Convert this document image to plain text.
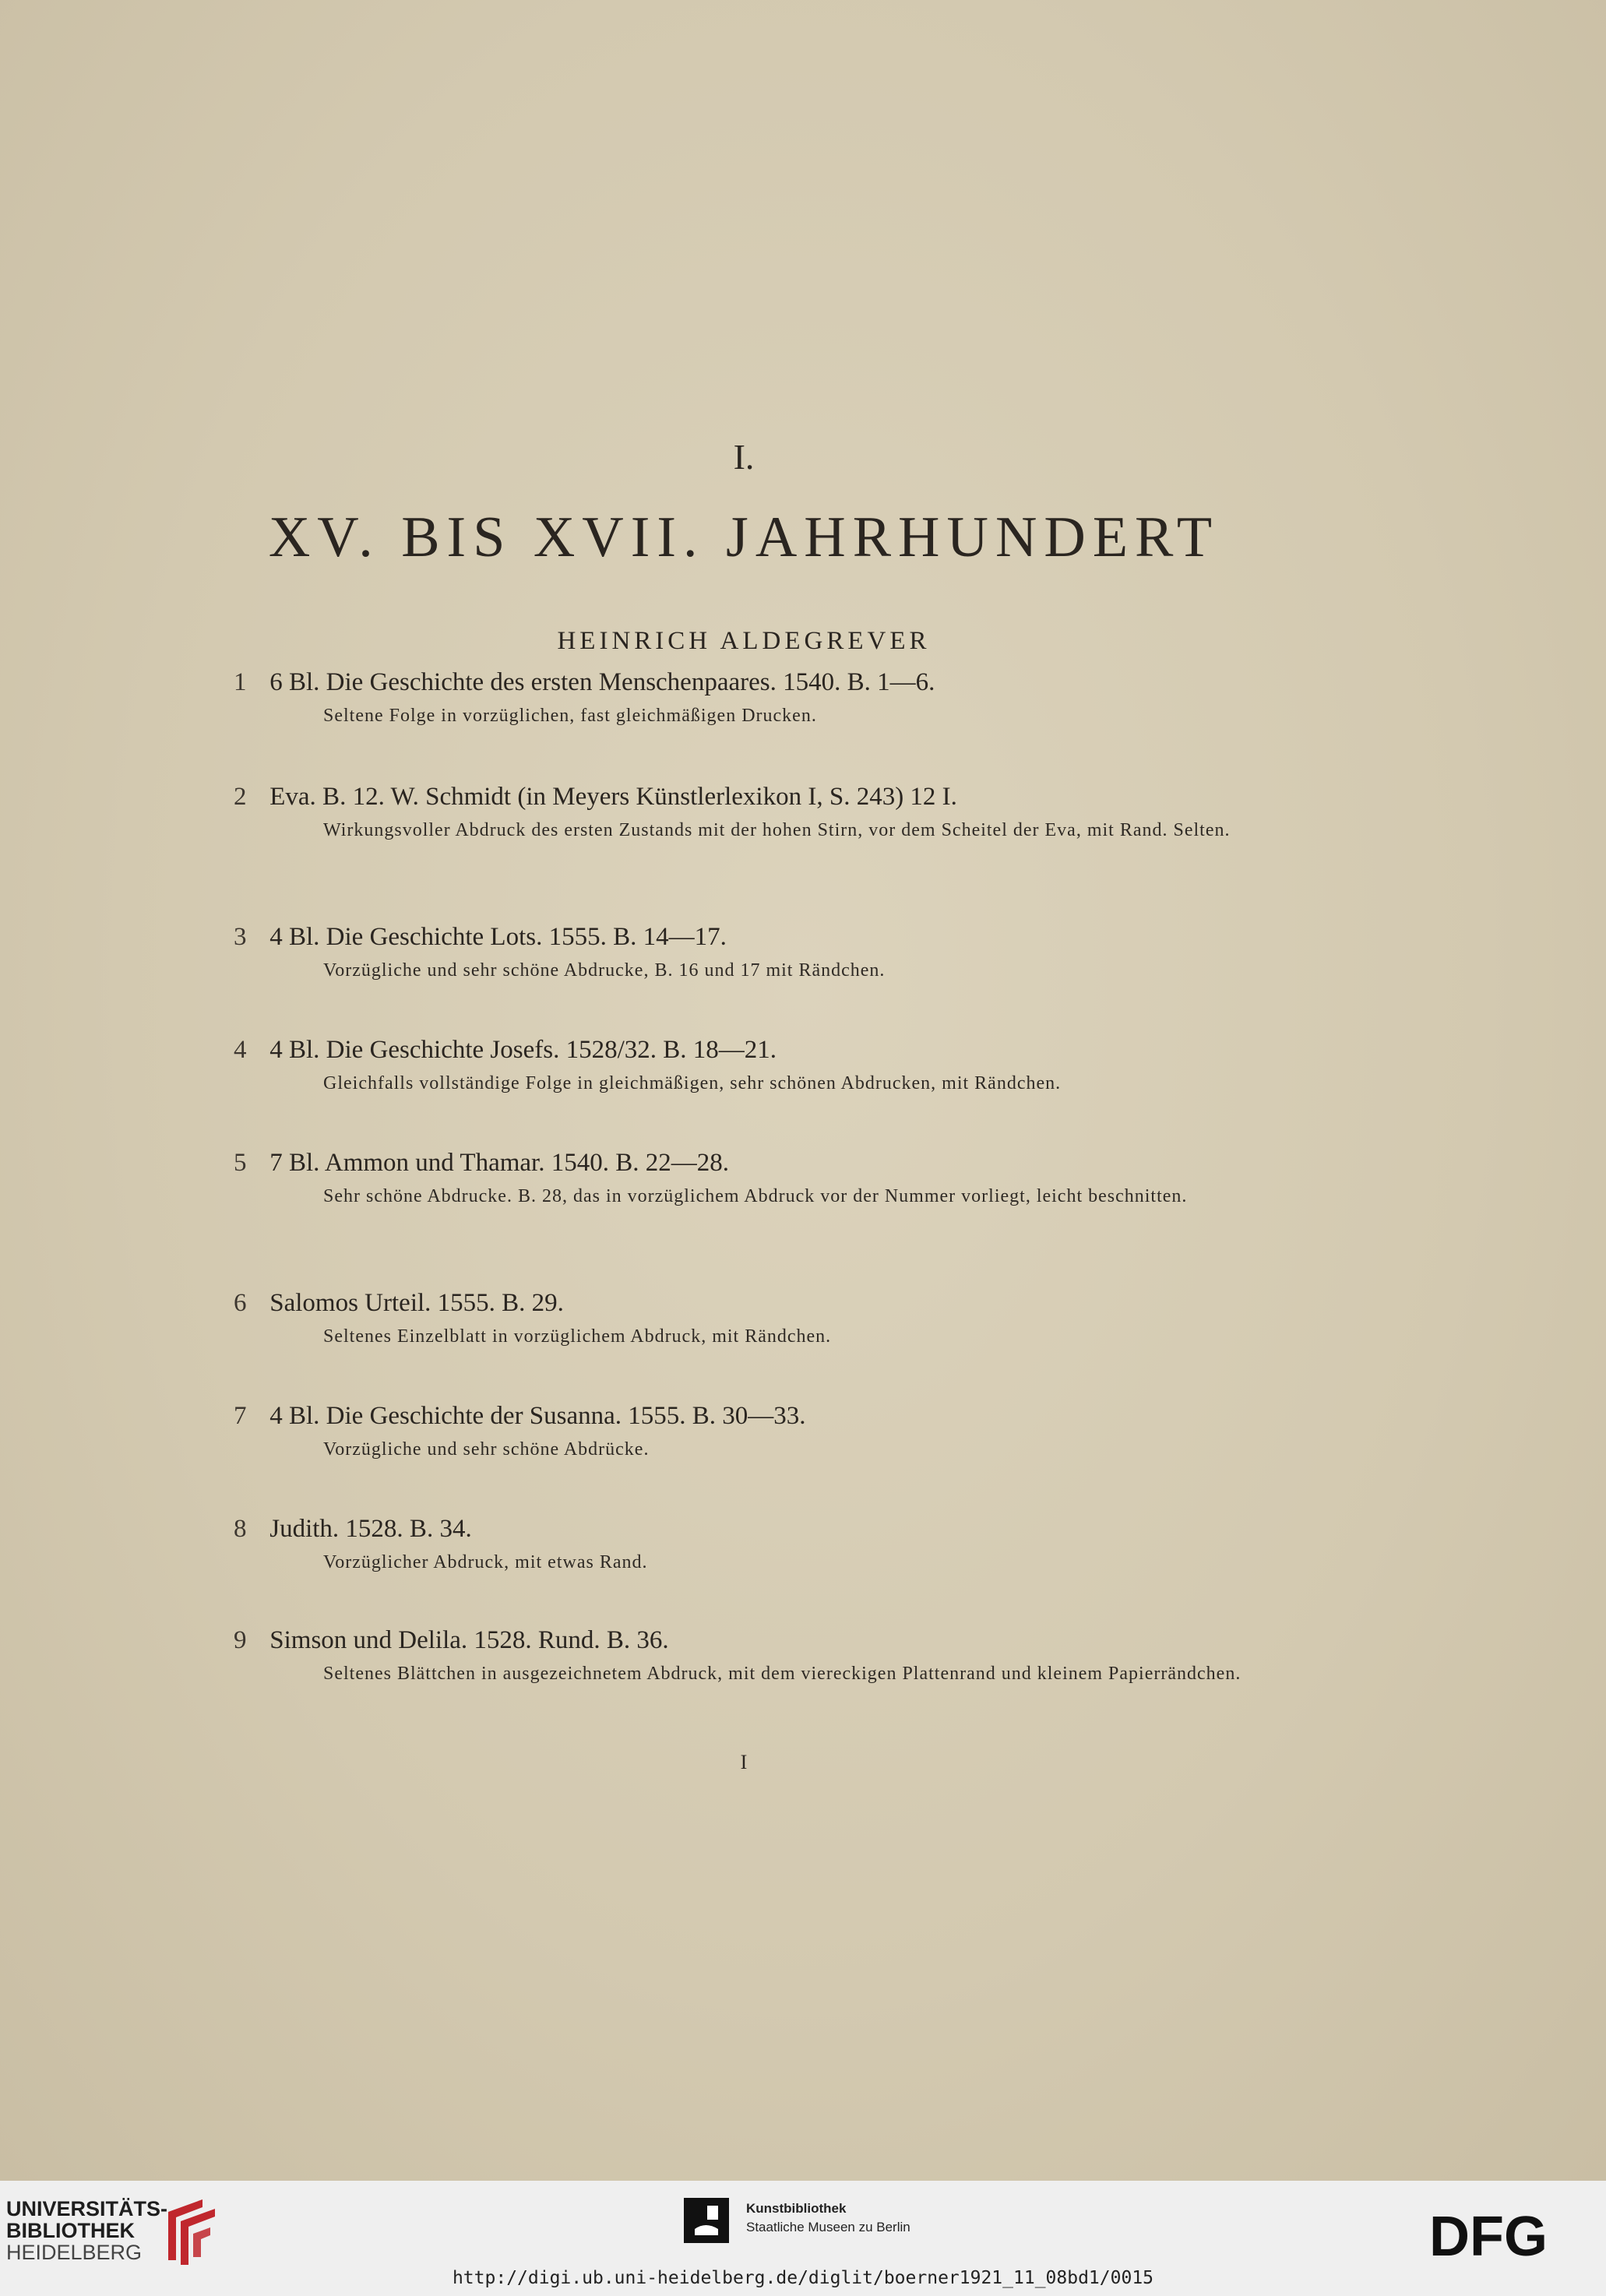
I.
XV. BIS XVII. JAHRHUNDERT
HEINRICH ALDEGREVER
1 6 Bl. Die Geschichte des ersten Menschenpaares. 1540. B. 1—6.
Seltene Folge in vorzüglichen, fast gleichmäßigen Drucken.
2 Eva. B. 12. W. Schmidt (in Meyers Künstlerlexikon I, S. 243) 12 I.
Wirkungsvoller Abdruck des ersten Zustands mit der hohen Stirn, vor dem Scheitel der Eva, mit Rand. Selten.
3 4 Bl. Die Geschichte Lots. 1555. B. 14—17.
Vorzügliche und sehr schöne Abdrucke, B. 16 und 17 mit Rändchen.
4 4 Bl. Die Geschichte Josefs. 1528/32. B. 18—21.
Gleichfalls vollständige Folge in gleichmäßigen, sehr schönen Abdrucken, mit Rändchen.
5 7 Bl. Ammon und Thamar. 1540. B. 22—28.
Sehr schöne Abdrucke. B. 28, das in vorzüglichem Abdruck vor der Nummer vorliegt, leicht beschnitten.
6 Salomos Urteil. 1555. B. 29.
Seltenes Einzelblatt in vorzüglichem Abdruck, mit Rändchen.
7 4 Bl. Die Geschichte der Susanna. 1555. B. 30—33.
Vorzügliche und sehr schöne Abdrücke.
8 Judith. 1528. B. 34.
Vorzüglicher Abdruck, mit etwas Rand.
9 Simson und Delila. 1528. Rund. B. 36.
Seltenes Blättchen in ausgezeichnetem Abdruck, mit dem viereckigen Plattenrand und kleinem Papierrändchen.
I
UNIVERSITÄTS-
BIBLIOTHEK
HEIDELBERG
Kunstbibliothek
Staatliche Museen zu Berlin	DFG
http://digi.ub.uni-heidelberg.de/diglit/boerner1921_11_08bd1/0015
